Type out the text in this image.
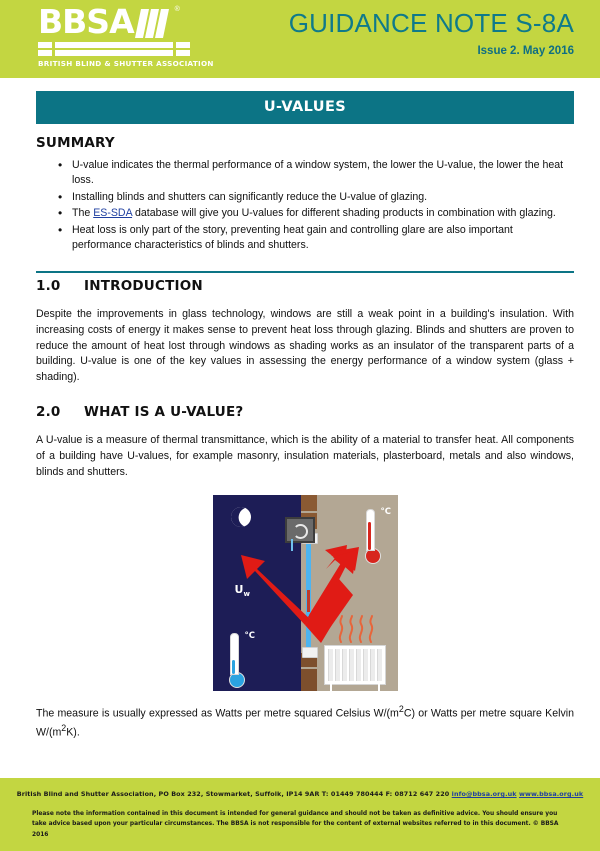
BBSA	®
BRITISH BLIND & SHUTTER ASSOCIATION
GUIDANCE NOTE S-8A
Issue 2. May 2016
U-VALUES
SUMMARY
• U-value indicates the thermal performance of a window system, the lower the U-value, the lower the heat loss.
• Installing blinds and shutters can significantly reduce the U-value of glazing.
• The ES-SDA database will give you U-values for different shading products in combination with glazing.
• Heat loss is only part of the story, preventing heat gain and controlling glare are also important performance characteristics of blinds and shutters.
1.0 INTRODUCTION

Despite the improvements in glass technology, windows are still a weak point in a building's insulation. With increasing costs of energy it makes sense to prevent heat loss through glazing. Blinds and shutters are proven to reduce the amount of heat lost through windows as shading works as an insulator of the transparent parts of a building. U-value is one of the key values in assessing the energy performance of a window system (glass + shading).

2.0 WHAT IS A U-VALUE?

A U-value is a measure of thermal transmittance, which is the ability of a material to transfer heat. All components of a building have U-values, for example masonry, insulation materials, plasterboard, metals and also windows, blinds and shutters.

$U_w$
°C
°C

The measure is usually expressed as Watts per metre squared Celsius $W/(m^2C)$ or Watts per metre square Kelvin $W/(m^2K)$.

British Blind and Shutter Association, PO Box 232, Stowmarket, Suffolk, IP14 9AR T: 01449 780444 F: 08712 647 220 info@bbsa.org.uk www.bbsa.org.uk
Please note the information contained in this document is intended for general guidance and should not be taken as definitive advice. You should ensure you take advice based upon your particular circumstances. The BBSA is not responsible for the content of external websites referred to in this document. © BBSA 2016
